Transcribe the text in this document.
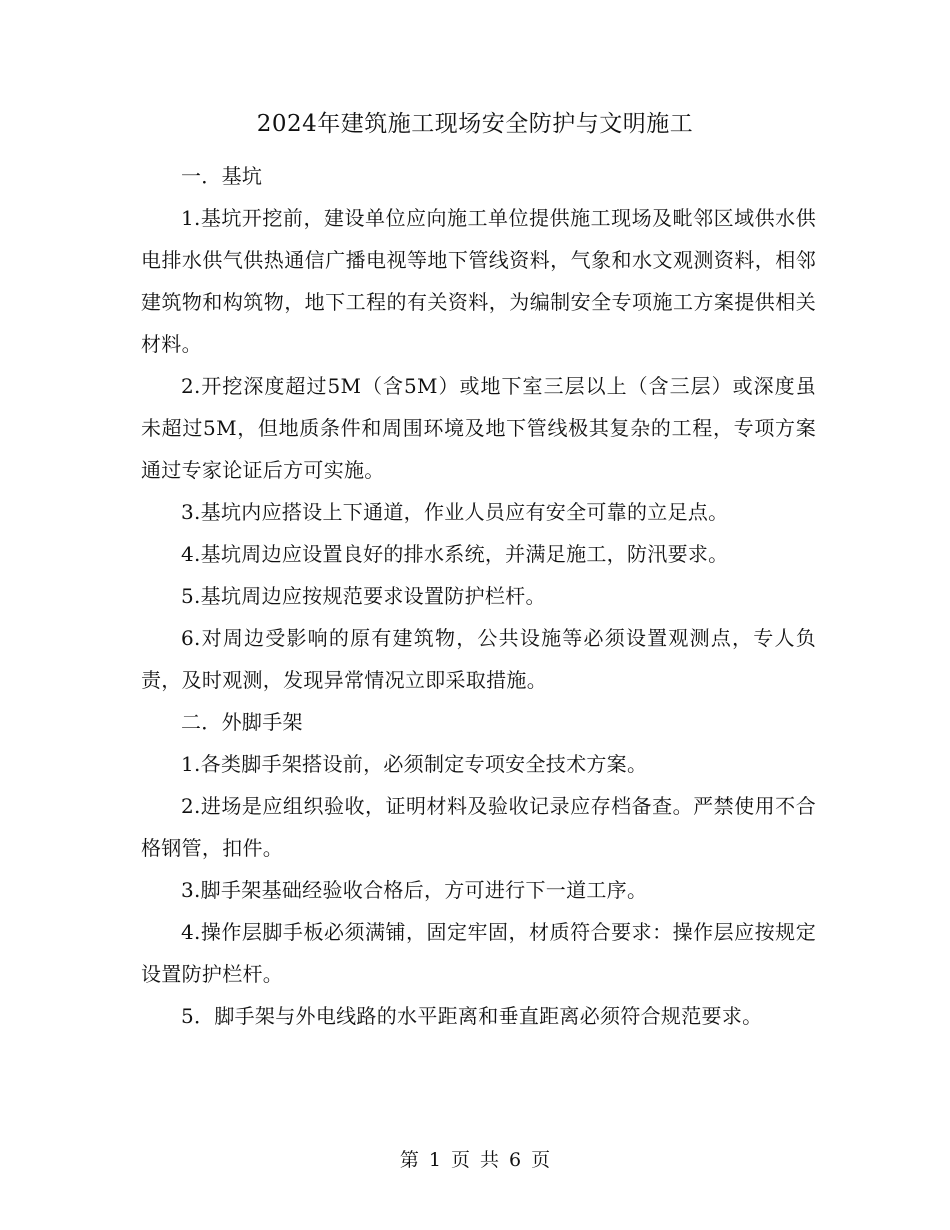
2024年建筑施工现场安全防护与文明施工

一．基坑

1.基坑开挖前，建设单位应向施工单位提供施工现场及毗邻区域供水供电排水供气供热通信广播电视等地下管线资料，气象和水文观测资料，相邻建筑物和构筑物，地下工程的有关资料，为编制安全专项施工方案提供相关材料。

2.开挖深度超过5M（含5M）或地下室三层以上（含三层）或深度虽未超过5M，但地质条件和周围环境及地下管线极其复杂的工程，专项方案通过专家论证后方可实施。

3.基坑内应搭设上下通道，作业人员应有安全可靠的立足点。

4.基坑周边应设置良好的排水系统，并满足施工，防汛要求。

5.基坑周边应按规范要求设置防护栏杆。

6.对周边受影响的原有建筑物，公共设施等必须设置观测点，专人负责，及时观测，发现异常情况立即采取措施。

二．外脚手架

1.各类脚手架搭设前，必须制定专项安全技术方案。

2.进场是应组织验收，证明材料及验收记录应存档备查。严禁使用不合格钢管，扣件。

3.脚手架基础经验收合格后，方可进行下一道工序。

4.操作层脚手板必须满铺，固定牢固，材质符合要求：操作层应按规定设置防护栏杆。

5．脚手架与外电线路的水平距离和垂直距离必须符合规范要求。

第 1 页 共 6 页
